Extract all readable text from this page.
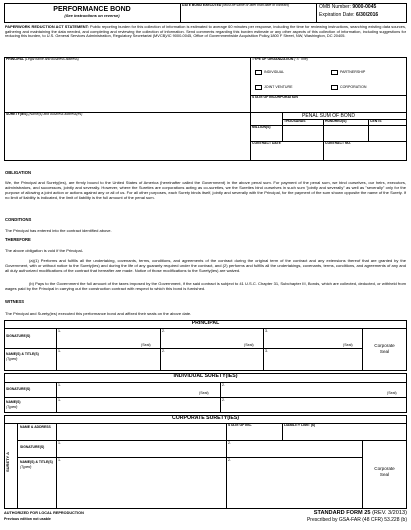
PERFORMANCE BOND
(See instructions on reverse)
DATE BOND EXECUTED (Must be same or later than date of contract)	OMB Number: 9000-0045
Expiration Date: 6/30/2016
PAPERWORK REDUCTION ACT STATEMENT: Public reporting burden for this collection of information is estimated to average 60 minutes per response, including the time for reviewing instructions, searching existing data sources, gathering and maintaining the data needed, and completing and reviewing the collection of information. Send comments regarding this burden estimate or any other aspects of this collection of information, including suggestions for reducing this burden, to U.S. General Services Administration, Regulatory Secretariat (MVCB)/IC 9000-0045, Office of Governmentwide Acquisition Policy,1800 F Street, NW, Washington, DC 20405.
PRINCIPAL (Legal name and business address)	TYPE OF ORGANIZATION ("X" one)
INDIVIDUAL	PARTNERSHIP
JOINT VENTURE	CORPORATION
STATE OF INCORPORATION
SURETY(IES) (Name(s) and business address(es)	PENAL SUM OF BOND
MILLION(S)
THOUSANDS	HUNDRED(S)	CENTS
CONTRACT DATE	CONTRACT NO.
OBLIGATION
We, the Principal and Surety(ies), are firmly bound to the United States of America (hereinafter called the Government) in the above penal sum. For payment of the penal sum, we bind ourselves, our heirs, executors, administrators, and successors, jointly and severally. However, where the Sureties are corporations acting as co-sureties, we the Sureties bind ourselves in such sum "jointly and severally" as well as "severally" only for the purpose of allowing a joint action or actions against any or all of us. For all other purposes, each Surety binds itself, jointly and severally with the Principal, for the payment of the sum shown opposite the name of the Surety. If no limit of liability is indicated, the limit of liability is the full amount of the penal sum.
CONDITIONS
The Principal has entered into the contract identified above.
THEREFORE
The above obligation is void if the Principal-
(a)(1) Performs and fulfills all the undertaking, covenants, terms, conditions, and agreements of the contract during the original term of the contract and any extensions thereof that are granted by the Government, with or without notice to the Surety(ies) and during the life of any guaranty required under the contract, and (2) performs and fulfills all the undertakings, covenants, terms, conditions, and agreements of any and all duly authorized modifications of the contract that hereafter are made. Notice of those modifications to the Surety(ies) are waived.
(b) Pays to the Government the full amount of the taxes imposed by the Government, if the said contract is subject to 41 U.S.C. Chapter 31, Subchapter III, Bonds, which are collected, deducted, or withheld from wages paid by the Principal in carrying out the construction contract with respect to which this bond is furnished.
WITNESS
The Principal and Surety(ies) executed this performance bond and affixed their seals on the above date.
PRINCIPAL
SIGNATURE(S)
NAME(S) & TITLE(S)
(Typed)
1.	2.	3.
(Seal)	(Seal)	(Seal)
1.	2.	3.
Corporate
Seal
INDIVIDUAL SURETY(IES)
SIGNATURE(S)
NAME(S)
(Typed)
1.	2.
(Seal)	(Seal)
1.	2.
CORPORATE SURETY(IES)
SURETY A
NAME & ADDRESS	STATE OF INC.	LIABILITY LIMIT ($)
SIGNATURE(S)
NAME(S) & TITLE(S)
(Typed)
1.	2.
1.	2.
Corporate
Seal
AUTHORIZED FOR LOCAL REPRODUCTION
Previous edition not usable
STANDARD FORM 25 (REV. 3/2013)
Prescribed by GSA-FAR (48 CFR) 53.228 (b)
